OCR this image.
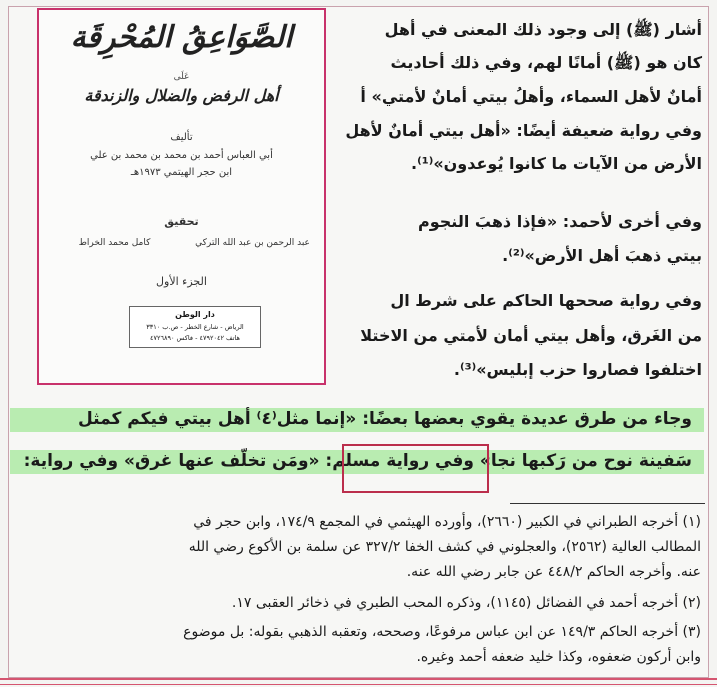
الصَّوَاعِقُ المُحْرِقَة
عَلَى
أهل الرفض والضلال والزندقة
تأليف
أبي العباس أحمد بن محمد بن محمد بن علي
ابن حجر الهيتمي ١٩٧٣هـ
تحقيق
عبد الرحمن بن عبد الله التركي
كامل محمد الخراط
الجزء الأول
دار الوطن
الرياض - شارع الخطر - ص.ب ٣٣١٠
هاتف ٤٧٩٢٠٤٢ - فاكس ٤٧٢٦٨٩٠
أشار (ﷺ) إلى وجود ذلك المعنى في أهل
كان هو (ﷺ) أمانًا لهم، وفي ذلك أحاديث
أمانٌ لأهل السماء، وأهلُ بيتي أمانٌ لأمتي» أ
وفي رواية ضعيفة أيضًا: «أهل بيتي أمانٌ لأهل
الأرض من الآيات ما كانوا يُوعدون»⁽¹⁾.
وفي أخرى لأحمد: «فإذا ذهبَ النجوم
بيتي ذهبَ أهل الأرض»⁽²⁾.
وفي رواية صححها الحاكم على شرط ال
من الغَرق، وأهل بيتي أمان لأمتي من الاختلا
اختلفوا فصاروا حزب إبليس»⁽³⁾.
وجاء من طرق عديدة يقوي بعضها بعضًا: «إنما مثل⁽٤⁾ أهل بيتي فيكم كمثل
سَفينة نوح من رَكبها نجا» وفي رواية مسلم: «ومَن تخلّف عنها غرق» وفي رواية:
(١) أخرجه الطبراني في الكبير (٢٦٦٠)، وأورده الهيثمي في المجمع ١٧٤/٩، وابن حجر في
المطالب العالية (٢٥٦٢)، والعجلوني في كشف الخفا ٣٢٧/٢ عن سلمة بن الأكوع رضي الله
عنه. وأخرجه الحاكم ٤٤٨/٢ عن جابر رضي الله عنه.
(٢) أخرجه أحمد في الفضائل (١١٤٥)، وذكره المحب الطبري في ذخائر العقبى ١٧.
(٣) أخرجه الحاكم ١٤٩/٣ عن ابن عباس مرفوعًا، وصححه، وتعقبه الذهبي بقوله: بل موضوع
وابن أركون ضعفوه، وكذا خليد ضعفه أحمد وغيره.
